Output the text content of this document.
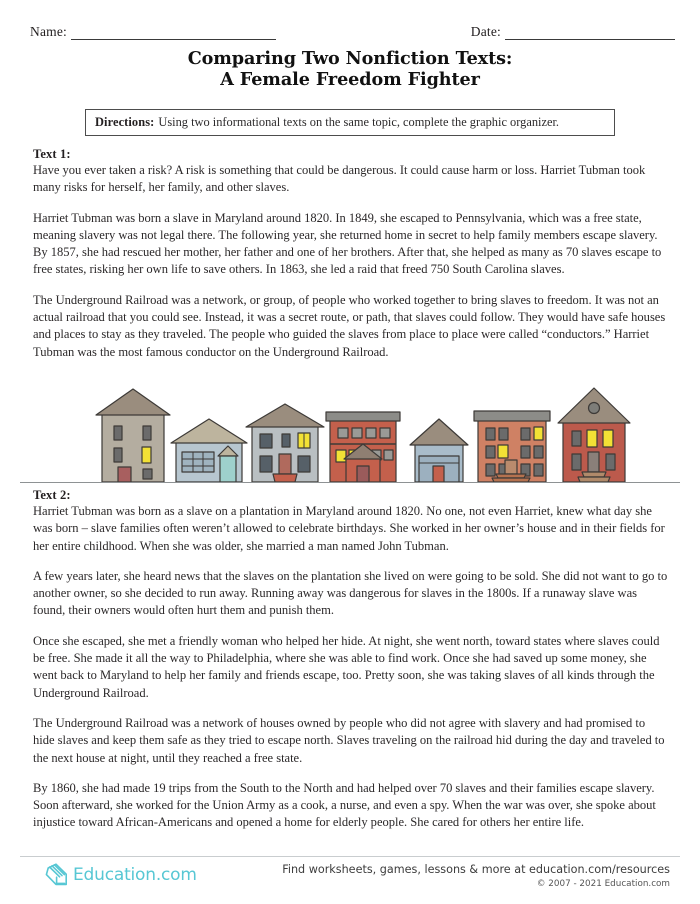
Name:	Date:
Comparing Two Nonfiction Texts:
A Female Freedom Fighter
Directions: Using two informational texts on the same topic, complete the graphic organizer.

Text 1:

Have you ever taken a risk? A risk is something that could be dangerous. It could cause harm or loss. Harriet Tubman took many risks for herself, her family, and other slaves.

Harriet Tubman was born a slave in Maryland around 1820. In 1849, she escaped to Pennsylvania, which was a free state, meaning slavery was not legal there. The following year, she returned home in secret to help family members escape slavery. By 1857, she had rescued her mother, her father and one of her brothers. After that, she helped as many as 70 slaves escape to free states, risking her own life to save others. In 1863, she led a raid that freed 750 South Carolina slaves.

The Underground Railroad was a network, or group, of people who worked together to bring slaves to freedom. It was not an actual railroad that you could see. Instead, it was a secret route, or path, that slaves could follow. They would have safe houses and places to stay as they traveled. The people who guided the slaves from place to place were called “conductors.” Harriet Tubman was the most famous conductor on the Underground Railroad.

Text 2:

Harriet Tubman was born as a slave on a plantation in Maryland around 1820. No one, not even Harriet, knew what day she was born – slave families often weren’t allowed to celebrate birthdays. She worked in her owner’s house and in their fields for her entire childhood. When she was older, she married a man named John Tubman.

A few years later, she heard news that the slaves on the plantation she lived on were going to be sold. She did not want to go to another owner, so she decided to run away. Running away was dangerous for slaves in the 1800s. If a runaway slave was found, their owners would often hurt them and punish them.

Once she escaped, she met a friendly woman who helped her hide. At night, she went north, toward states where slaves could be free. She made it all the way to Philadelphia, where she was able to find work. Once she had saved up some money, she went back to Maryland to help her family and friends escape, too. Pretty soon, she was taking slaves of all kinds through the Underground Railroad.

The Underground Railroad was a network of houses owned by people who did not agree with slavery and had promised to hide slaves and keep them safe as they tried to escape north. Slaves traveling on the railroad hid during the day and traveled to the next house at night, until they reached a free state.

By 1860, she had made 19 trips from the South to the North and had helped over 70 slaves and their families escape slavery. Soon afterward, she worked for the Union Army as a cook, a nurse, and even a spy. When the war was over, she spoke about injustice toward African-Americans and opened a home for elderly people. She cared for others her entire life.

Education.com	Find worksheets, games, lessons & more at education.com/resources
© 2007 - 2021 Education.com
